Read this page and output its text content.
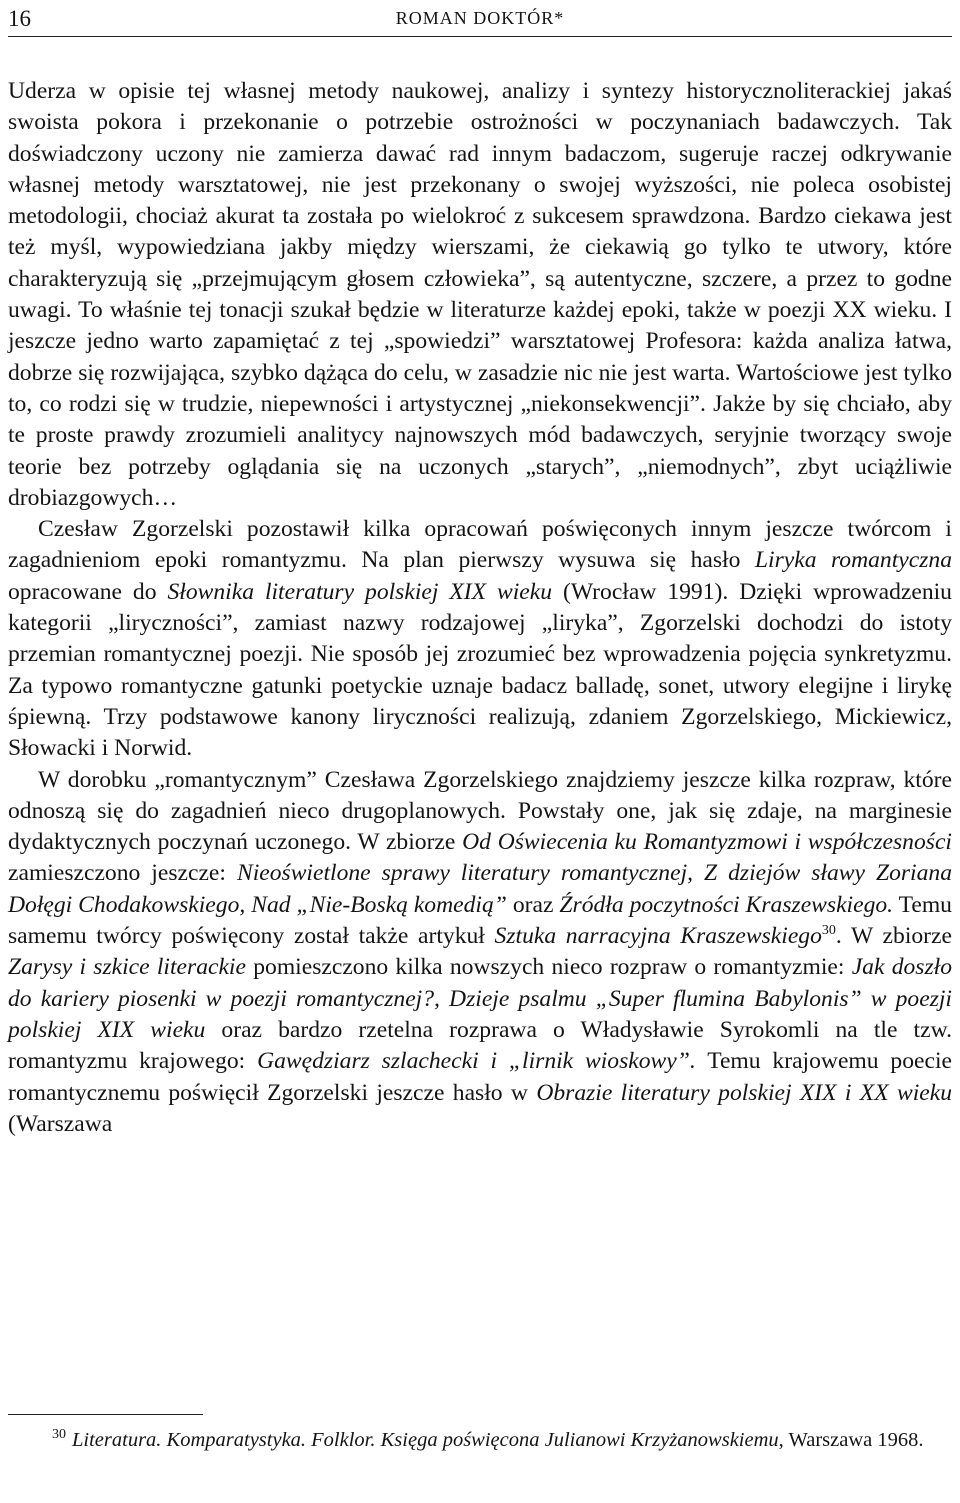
16	ROMAN DOKTÓR*

Uderza w opisie tej własnej metody naukowej, analizy i syntezy historycznoliterackiej jakaś swoista pokora i przekonanie o potrzebie ostrożności w poczynaniach badawczych. Tak doświadczony uczony nie zamierza dawać rad innym badaczom, sugeruje raczej odkrywanie własnej metody warsztatowej, nie jest przekonany o swojej wyższości, nie poleca osobistej metodologii, chociaż akurat ta została po wielokroć z sukcesem sprawdzona. Bardzo ciekawa jest też myśl, wypowiedziana jakby między wierszami, że ciekawią go tylko te utwory, które charakteryzują się „przejmującym głosem człowieka”, są autentyczne, szczere, a przez to godne uwagi. To właśnie tej tonacji szukał będzie w literaturze każdej epoki, także w poezji XX wieku. I jeszcze jedno warto zapamiętać z tej „spowiedzi” warsztatowej Profesora: każda analiza łatwa, dobrze się rozwijająca, szybko dążąca do celu, w zasadzie nic nie jest warta. Wartościowe jest tylko to, co rodzi się w trudzie, niepewności i artystycznej „niekonsekwencji”. Jakże by się chciało, aby te proste prawdy zrozumieli analitycy najnowszych mód badawczych, seryjnie tworzący swoje teorie bez potrzeby oglądania się na uczonych „starych”, „niemodnych”, zbyt uciążliwie drobiazgowych…

Czesław Zgorzelski pozostawił kilka opracowań poświęconych innym jeszcze twórcom i zagadnieniom epoki romantyzmu. Na plan pierwszy wysuwa się hasło Liryka romantyczna opracowane do Słownika literatury polskiej XIX wieku (Wrocław 1991). Dzięki wprowadzeniu kategorii „liryczności”, zamiast nazwy rodzajowej „liryka”, Zgorzelski dochodzi do istoty przemian romantycznej poezji. Nie sposób jej zrozumieć bez wprowadzenia pojęcia synkretyzmu. Za typowo romantyczne gatunki poetyckie uznaje badacz balladę, sonet, utwory elegijne i lirykę śpiewną. Trzy podstawowe kanony liryczności realizują, zdaniem Zgorzelskiego, Mickiewicz, Słowacki i Norwid.

W dorobku „romantycznym” Czesława Zgorzelskiego znajdziemy jeszcze kilka rozpraw, które odnoszą się do zagadnień nieco drugoplanowych. Powstały one, jak się zdaje, na marginesie dydaktycznych poczynań uczonego. W zbiorze Od Oświecenia ku Romantyzmowi i współczesności zamieszczono jeszcze: Nieoświetlone sprawy literatury romantycznej, Z dziejów sławy Zoriana Dołęgi Chodakowskiego, Nad „Nie-Boską komedią” oraz Źródła poczytności Kraszewskiego. Temu samemu twórcy poświęcony został także artykuł Sztuka narracyjna Kraszewskiego$^{30}$. W zbiorze Zarysy i szkice literackie pomieszczono kilka nowszych nieco rozpraw o romantyzmie: Jak doszło do kariery piosenki w poezji romantycznej?, Dzieje psalmu „Super flumina Babylonis” w poezji polskiej XIX wieku oraz bardzo rzetelna rozprawa o Władysławie Syrokomli na tle tzw. romantyzmu krajowego: Gawędziarz szlachecki i „lirnik wioskowy”. Temu krajowemu poecie romantycznemu poświęcił Zgorzelski jeszcze hasło w Obrazie literatury polskiej XIX i XX wieku (Warszawa

$^{30}$ Literatura. Komparatystyka. Folklor. Księga poświęcona Julianowi Krzyżanowskiemu, Warszawa 1968.
